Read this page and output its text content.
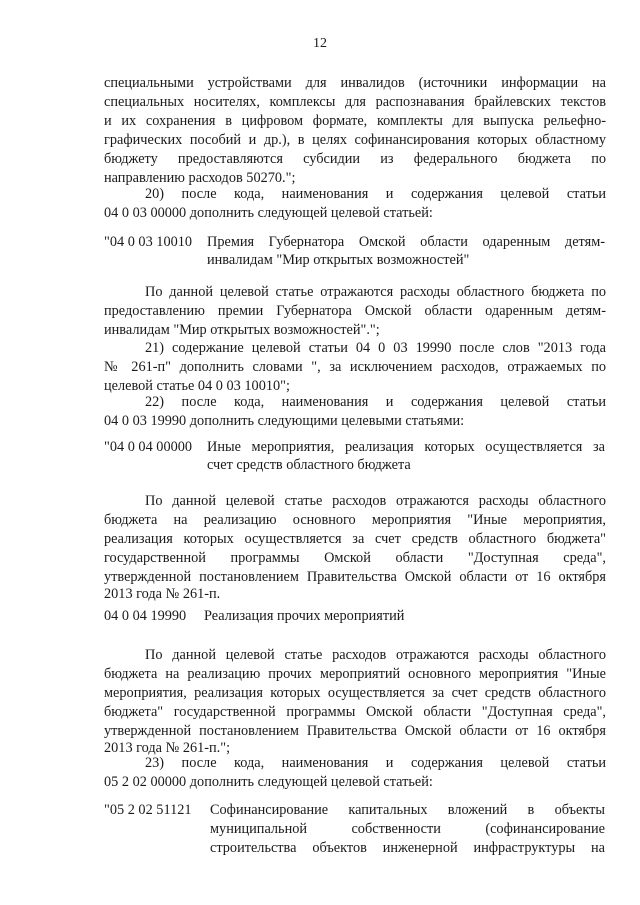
12
специальными устройствами для инвалидов (источники информации на
специальных носителях, комплексы для распознавания брайлевских текстов
и их сохранения в цифровом формате, комплекты для выпуска рельефно-
графических пособий и др.), в целях софинансирования которых областному
бюджету предоставляются субсидии из федерального бюджета по
направлению расходов 50270.";
20) после кода, наименования и содержания целевой статьи
04 0 03 00000 дополнить следующей целевой статьей:
По данной целевой статье отражаются расходы областного бюджета по
предоставлению премии Губернатора Омской области одаренным детям-
инвалидам "Мир открытых возможностей".";
21) содержание целевой статьи 04 0 03 19990 после слов "2013 года
№ 261-п" дополнить словами ", за исключением расходов, отражаемых по
целевой статье 04 0 03 10010";
22) после кода, наименования и содержания целевой статьи
04 0 03 19990 дополнить следующими целевыми статьями:
По данной целевой статье расходов отражаются расходы областного
бюджета на реализацию основного мероприятия "Иные мероприятия,
реализация которых осуществляется за счет средств областного бюджета"
государственной программы Омской области "Доступная среда",
утвержденной постановлением Правительства Омской области от 16 октября
2013 года № 261-п.
По данной целевой статье расходов отражаются расходы областного
бюджета на реализацию прочих мероприятий основного мероприятия "Иные
мероприятия, реализация которых осуществляется за счет средств областного
бюджета" государственной программы Омской области "Доступная среда",
утвержденной постановлением Правительства Омской области от 16 октября
2013 года № 261-п.";
23) после кода, наименования и содержания целевой статьи
05 2 02 00000 дополнить следующей целевой статьей:
"04 0 03 10010 Премия Губернатора Омской области одаренным детям-
инвалидам "Мир открытых возможностей"
"04 0 04 00000 Иные мероприятия, реализация которых осуществляется за
счет средств областного бюджета
04 0 04 19990 Реализация прочих мероприятий
"05 2 02 51121 Софинансирование капитальных вложений в объекты
муниципальной собственности (софинансирование
строительства объектов инженерной инфраструктуры на
